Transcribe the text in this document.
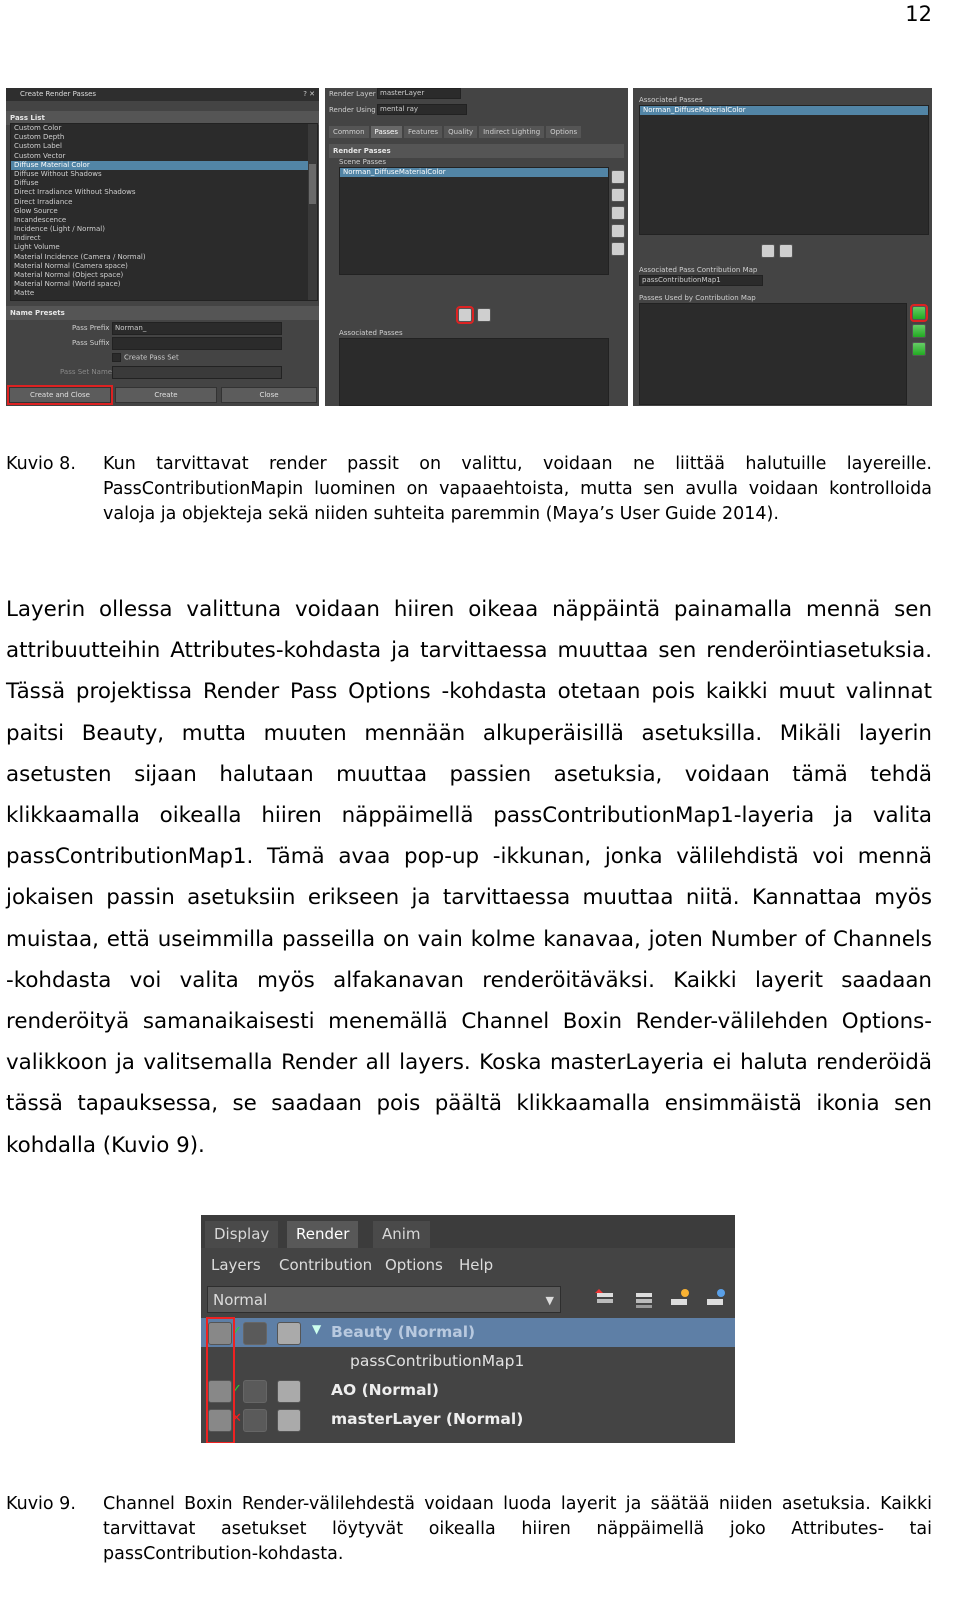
12
Create Render Passes	? ✕
Pass List
Custom Color
Custom Depth
Custom Label
Custom Vector
Diffuse Material Color
Diffuse Without Shadows
Diffuse
Direct Irradiance Without Shadows
Direct Irradiance
Glow Source
Incandescence
Incidence (Light / Normal)
Indirect
Light Volume
Material Incidence (Camera / Normal)
Material Normal (Camera space)
Material Normal (Object space)
Material Normal (World space)
Matte
Name Presets
Pass Prefix Norman_
Pass Suffix
Create Pass Set
Pass Set Name
Create and Close	Create	Close
Render Layer masterLayer
Render Using mental ray
Common Passes Features Quality Indirect Lighting Options
Render Passes
Scene Passes
Norman_DiffuseMaterialColor
Associated Passes
Associated Passes
Norman_DiffuseMaterialColor
Associated Pass Contribution Map
passContributionMap1
Passes Used by Contribution Map
Kuvio 8. Kun tarvittavat render passit on valittu, voidaan ne liittää halutuille layereille. PassContributionMapin luominen on vapaaehtoista, mutta sen avulla voidaan kontrolloida valoja ja objekteja sekä niiden suhteita paremmin (Maya’s User Guide 2014).
Layerin ollessa valittuna voidaan hiiren oikeaa näppäintä painamalla mennä sen attribuutteihin Attributes-kohdasta ja tarvittaessa muuttaa sen renderöintiasetuksia. Tässä projektissa Render Pass Options -kohdasta otetaan pois kaikki muut valinnat paitsi Beauty, mutta muuten mennään alkuperäisillä asetuksilla. Mikäli layerin asetusten sijaan halutaan muuttaa passien asetuksia, voidaan tämä tehdä klikkaamalla oikealla hiiren näppäimellä passContributionMap1-layeria ja valita passContributionMap1. Tämä avaa pop-up -ikkunan, jonka välilehdistä voi mennä jokaisen passin asetuksiin erikseen ja tarvittaessa muuttaa niitä. Kannattaa myös muistaa, että useimmilla passeilla on vain kolme kanavaa, joten Number of Channels -kohdasta voi valita myös alfakanavan renderöitäväksi. Kaikki layerit saadaan renderöityä samanaikaisesti menemällä Channel Boxin Render-välilehden Options-valikkoon ja valitsemalla Render all layers. Koska masterLayeria ei haluta renderöidä tässä tapauksessa, se saadaan pois päältä klikkaamalla ensimmäistä ikonia sen kohdalla (Kuvio 9).
Display	Render	Anim
Layers Contribution Options Help
Normal	▼
✓	▼ Beauty (Normal)
passContributionMap1
✓	AO (Normal)
✕	masterLayer (Normal)
Kuvio 9. Channel Boxin Render-välilehdestä voidaan luoda layerit ja säätää niiden asetuksia. Kaikki tarvittavat asetukset löytyvät oikealla hiiren näppäimellä joko Attributes- tai passContribution-kohdasta.
